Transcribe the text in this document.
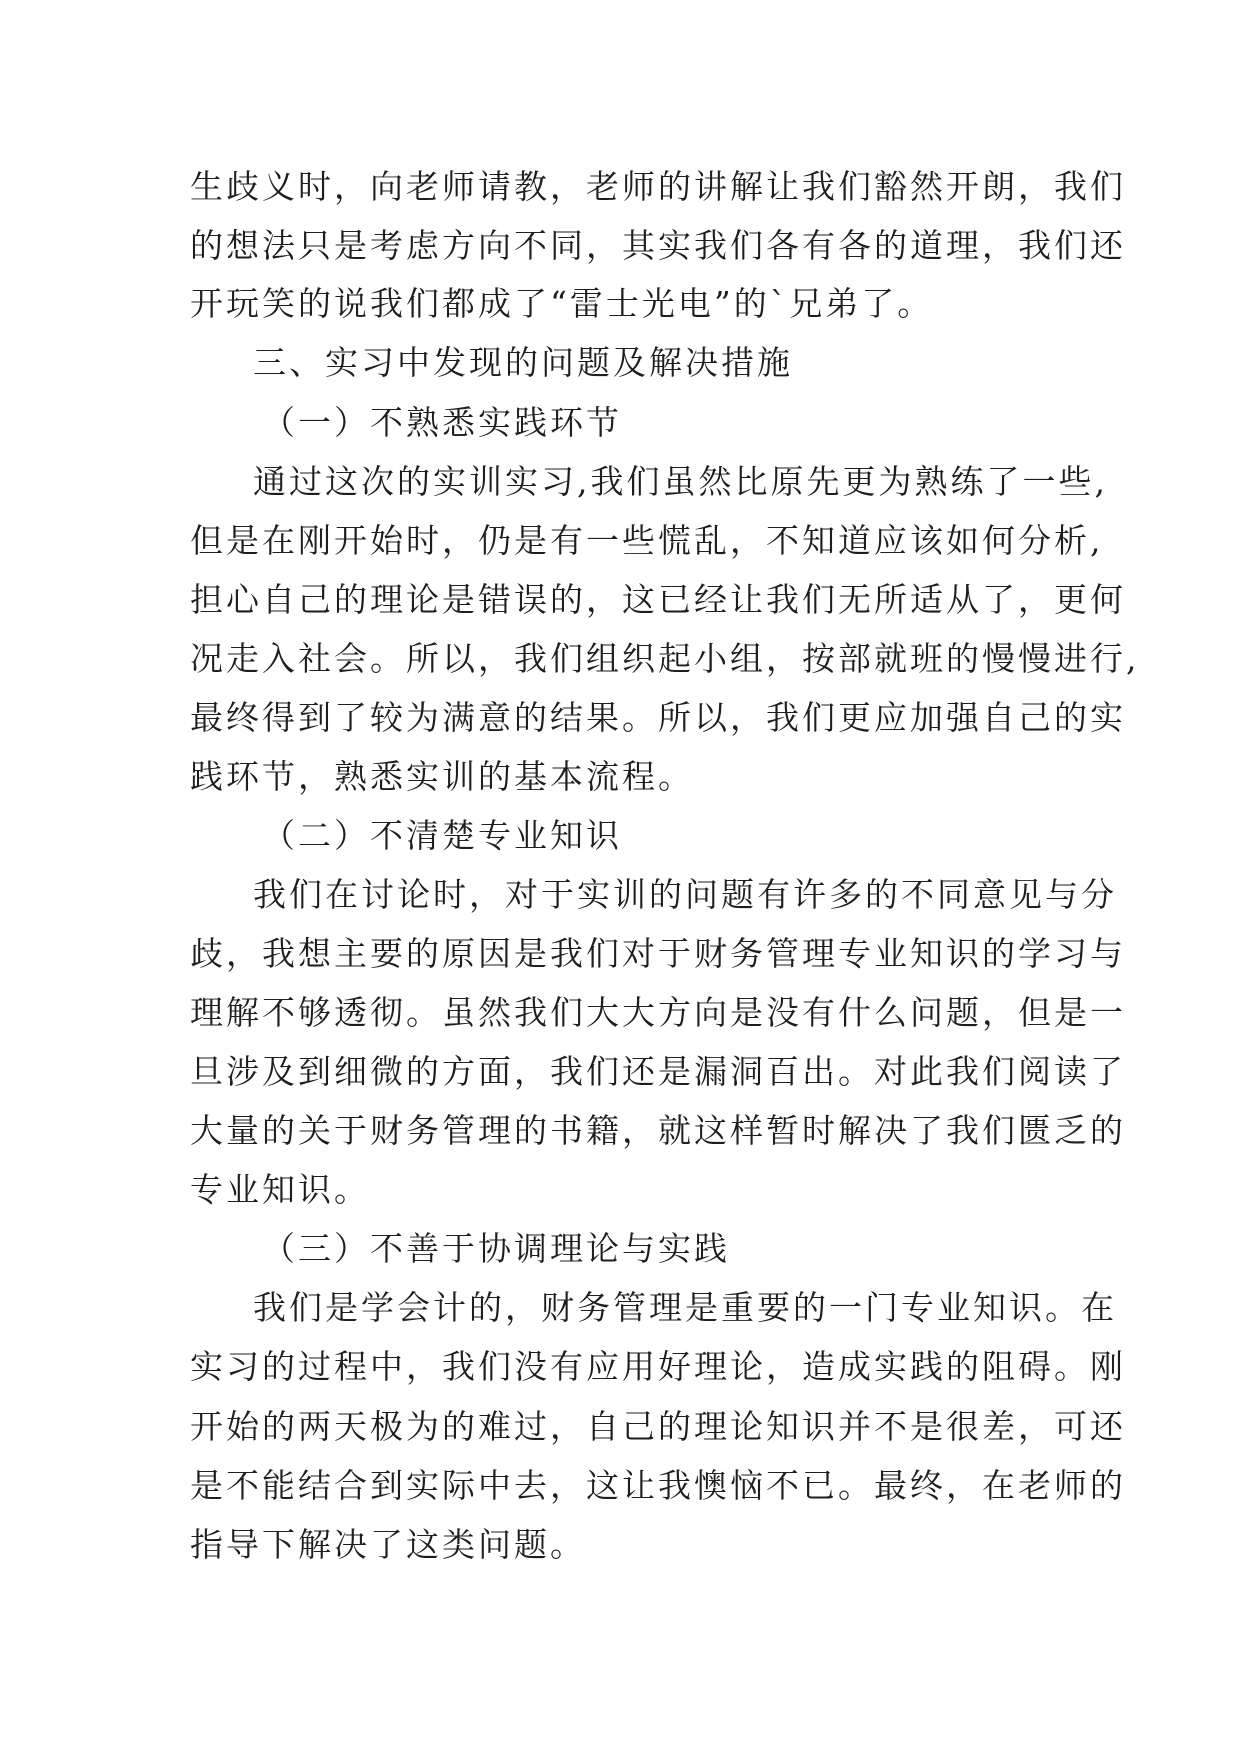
生歧义时，向老师请教，老师的讲解让我们豁然开朗，我们
的想法只是考虑方向不同，其实我们各有各的道理，我们还
开玩笑的说我们都成了“雷士光电”的`兄弟了。
三、实习中发现的问题及解决措施
（一）不熟悉实践环节
通过这次的实训实习,我们虽然比原先更为熟练了一些,
但是在刚开始时，仍是有一些慌乱，不知道应该如何分析,
担心自己的理论是错误的，这已经让我们无所适从了，更何
况走入社会。所以，我们组织起小组，按部就班的慢慢进行,
最终得到了较为满意的结果。所以，我们更应加强自己的实
践环节，熟悉实训的基本流程。
（二）不清楚专业知识
我们在讨论时，对于实训的问题有许多的不同意见与分
歧，我想主要的原因是我们对于财务管理专业知识的学习与
理解不够透彻。虽然我们大大方向是没有什么问题，但是一
旦涉及到细微的方面，我们还是漏洞百出。对此我们阅读了
大量的关于财务管理的书籍，就这样暂时解决了我们匮乏的
专业知识。
（三）不善于协调理论与实践
我们是学会计的，财务管理是重要的一门专业知识。在
实习的过程中，我们没有应用好理论，造成实践的阻碍。刚
开始的两天极为的难过，自己的理论知识并不是很差，可还
是不能结合到实际中去，这让我懊恼不已。最终，在老师的
指导下解决了这类问题。
